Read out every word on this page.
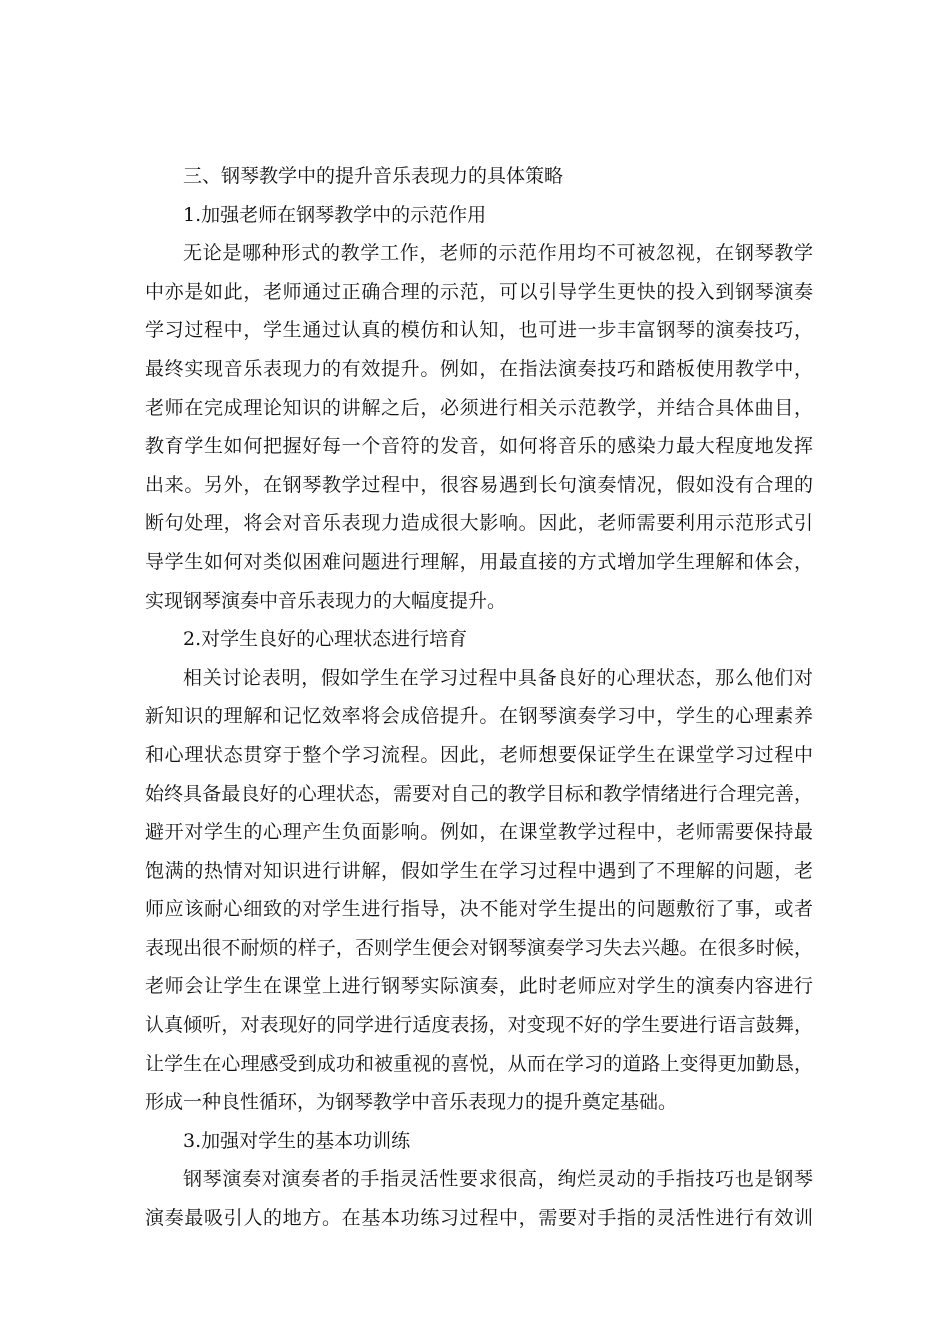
三、钢琴教学中的提升音乐表现力的具体策略
1.加强老师在钢琴教学中的示范作用
无论是哪种形式的教学工作，老师的示范作用均不可被忽视，在钢琴教学
中亦是如此，老师通过正确合理的示范，可以引导学生更快的投入到钢琴演奏
学习过程中，学生通过认真的模仿和认知，也可进一步丰富钢琴的演奏技巧，
最终实现音乐表现力的有效提升。例如，在指法演奏技巧和踏板使用教学中，
老师在完成理论知识的讲解之后，必须进行相关示范教学，并结合具体曲目，
教育学生如何把握好每一个音符的发音，如何将音乐的感染力最大程度地发挥
出来。另外，在钢琴教学过程中，很容易遇到长句演奏情况，假如没有合理的
断句处理，将会对音乐表现力造成很大影响。因此，老师需要利用示范形式引
导学生如何对类似困难问题进行理解，用最直接的方式增加学生理解和体会，
实现钢琴演奏中音乐表现力的大幅度提升。
2.对学生良好的心理状态进行培育
相关讨论表明，假如学生在学习过程中具备良好的心理状态，那么他们对
新知识的理解和记忆效率将会成倍提升。在钢琴演奏学习中，学生的心理素养
和心理状态贯穿于整个学习流程。因此，老师想要保证学生在课堂学习过程中
始终具备最良好的心理状态，需要对自己的教学目标和教学情绪进行合理完善，
避开对学生的心理产生负面影响。例如，在课堂教学过程中，老师需要保持最
饱满的热情对知识进行讲解，假如学生在学习过程中遇到了不理解的问题，老
师应该耐心细致的对学生进行指导，决不能对学生提出的问题敷衍了事，或者
表现出很不耐烦的样子，否则学生便会对钢琴演奏学习失去兴趣。在很多时候，
老师会让学生在课堂上进行钢琴实际演奏，此时老师应对学生的演奏内容进行
认真倾听，对表现好的同学进行适度表扬，对变现不好的学生要进行语言鼓舞，
让学生在心理感受到成功和被重视的喜悦，从而在学习的道路上变得更加勤恳，
形成一种良性循环，为钢琴教学中音乐表现力的提升奠定基础。
3.加强对学生的基本功训练
钢琴演奏对演奏者的手指灵活性要求很高，绚烂灵动的手指技巧也是钢琴
演奏最吸引人的地方。在基本功练习过程中，需要对手指的灵活性进行有效训
